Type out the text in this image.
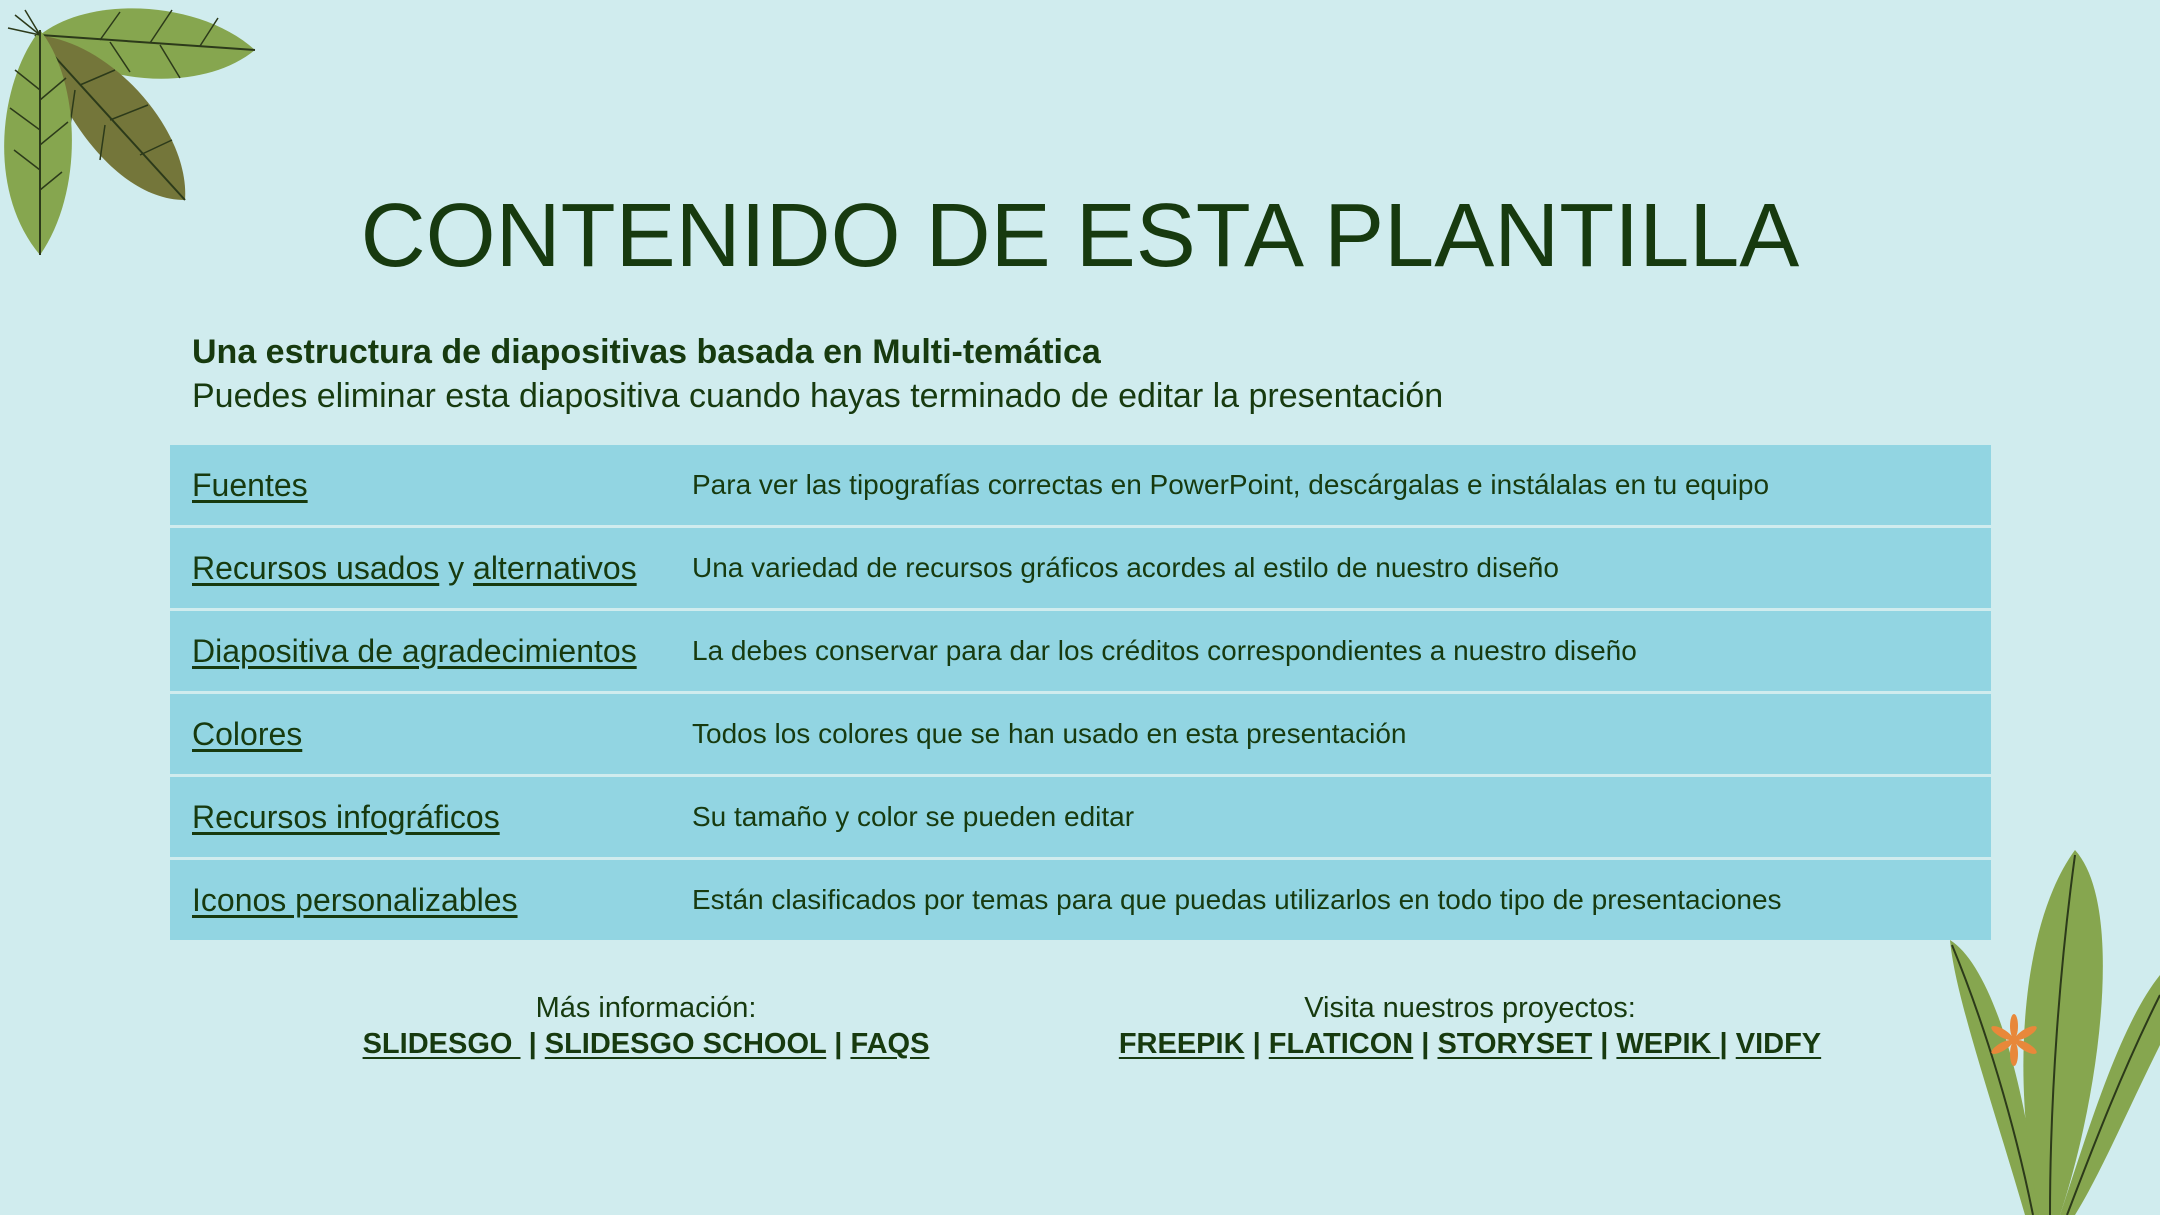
CONTENIDO DE ESTA PLANTILLA
Una estructura de diapositivas basada en Multi-temática
Puedes eliminar esta diapositiva cuando hayas terminado de editar la presentación
Fuentes	Para ver las tipografías correctas en PowerPoint, descárgalas e instálalas en tu equipo
Recursos usados y alternativos	Una variedad de recursos gráficos acordes al estilo de nuestro diseño
Diapositiva de agradecimientos	La debes conservar para dar los créditos correspondientes a nuestro diseño
Colores	Todos los colores que se han usado en esta presentación
Recursos infográficos	Su tamaño y color se pueden editar
Iconos personalizables	Están clasificados por temas para que puedas utilizarlos en todo tipo de presentaciones
Más información:
SLIDESGO  | SLIDESGO SCHOOL | FAQS
Visita nuestros proyectos:
FREEPIK | FLATICON | STORYSET | WEPIK | VIDFY
